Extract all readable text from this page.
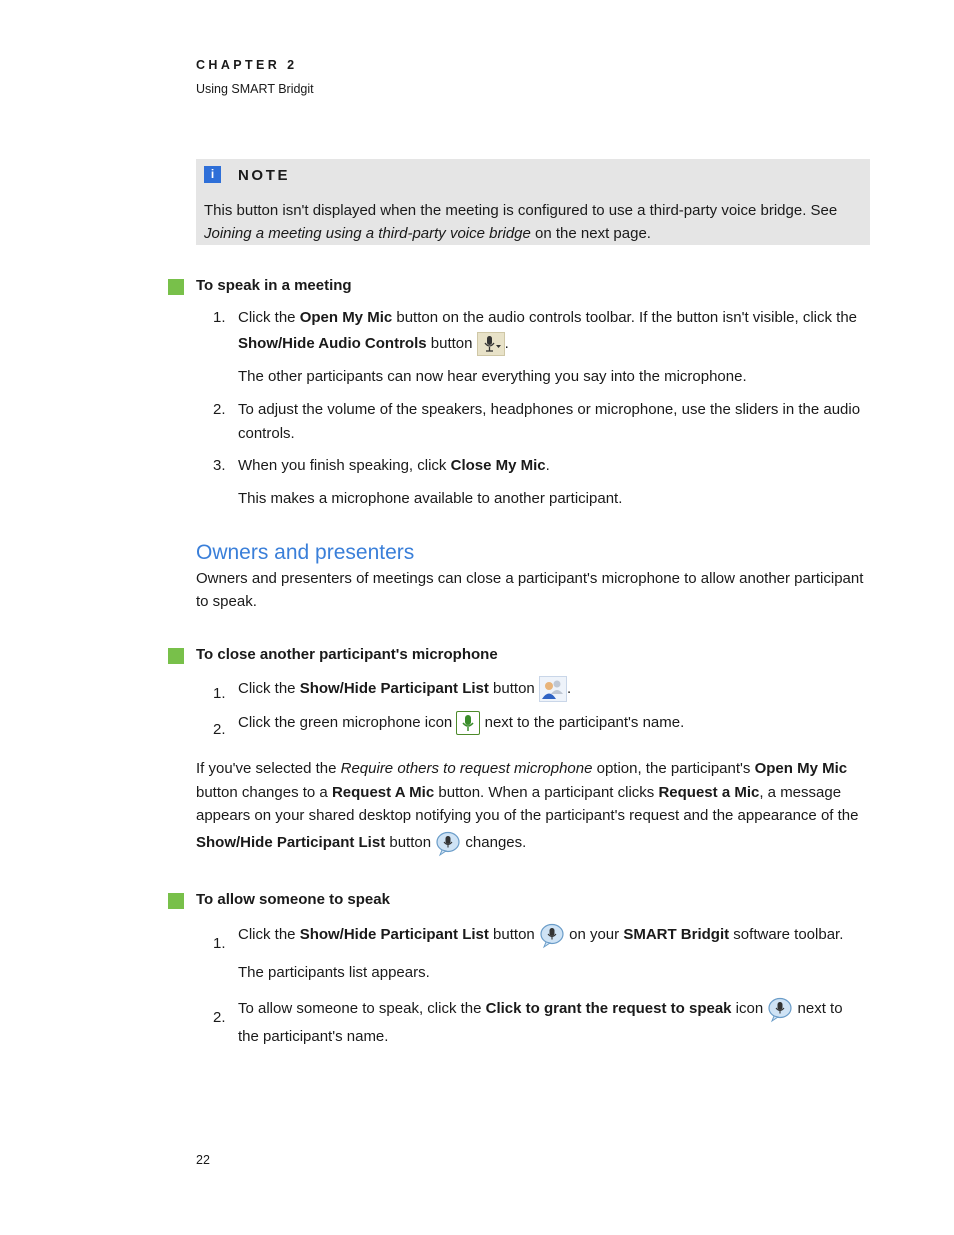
CHAPTER 2
Using SMART Bridgit
i	NOTE
This button isn't displayed when the meeting is configured to use a third-party voice bridge. See
Joining a meeting using a third-party voice bridge on the next page.
To speak in a meeting
1. Click the Open My Mic button on the audio controls toolbar. If the button isn't visible, click the
Show/Hide Audio Controls button .
The other participants can now hear everything you say into the microphone.
2. To adjust the volume of the speakers, headphones or microphone, use the sliders in the audio
controls.
3. When you finish speaking, click Close My Mic.
This makes a microphone available to another participant.
Owners and presenters
Owners and presenters of meetings can close a participant's microphone to allow another participant
to speak.
To close another participant's microphone
1. Click the Show/Hide Participant List button .
2. Click the green microphone icon  next to the participant's name.
If you've selected the Require others to request microphone option, the participant's Open My Mic
button changes to a Request A Mic button. When a participant clicks Request a Mic, a message
appears on your shared desktop notifying you of the participant's request and the appearance of the
Show/Hide Participant List button  changes.
To allow someone to speak
1.
Click the Show/Hide Participant List button  on your SMART Bridgit software toolbar.
The participants list appears.
2.
To allow someone to speak, click the Click to grant the request to speak icon  next to
the participant's name.
22
